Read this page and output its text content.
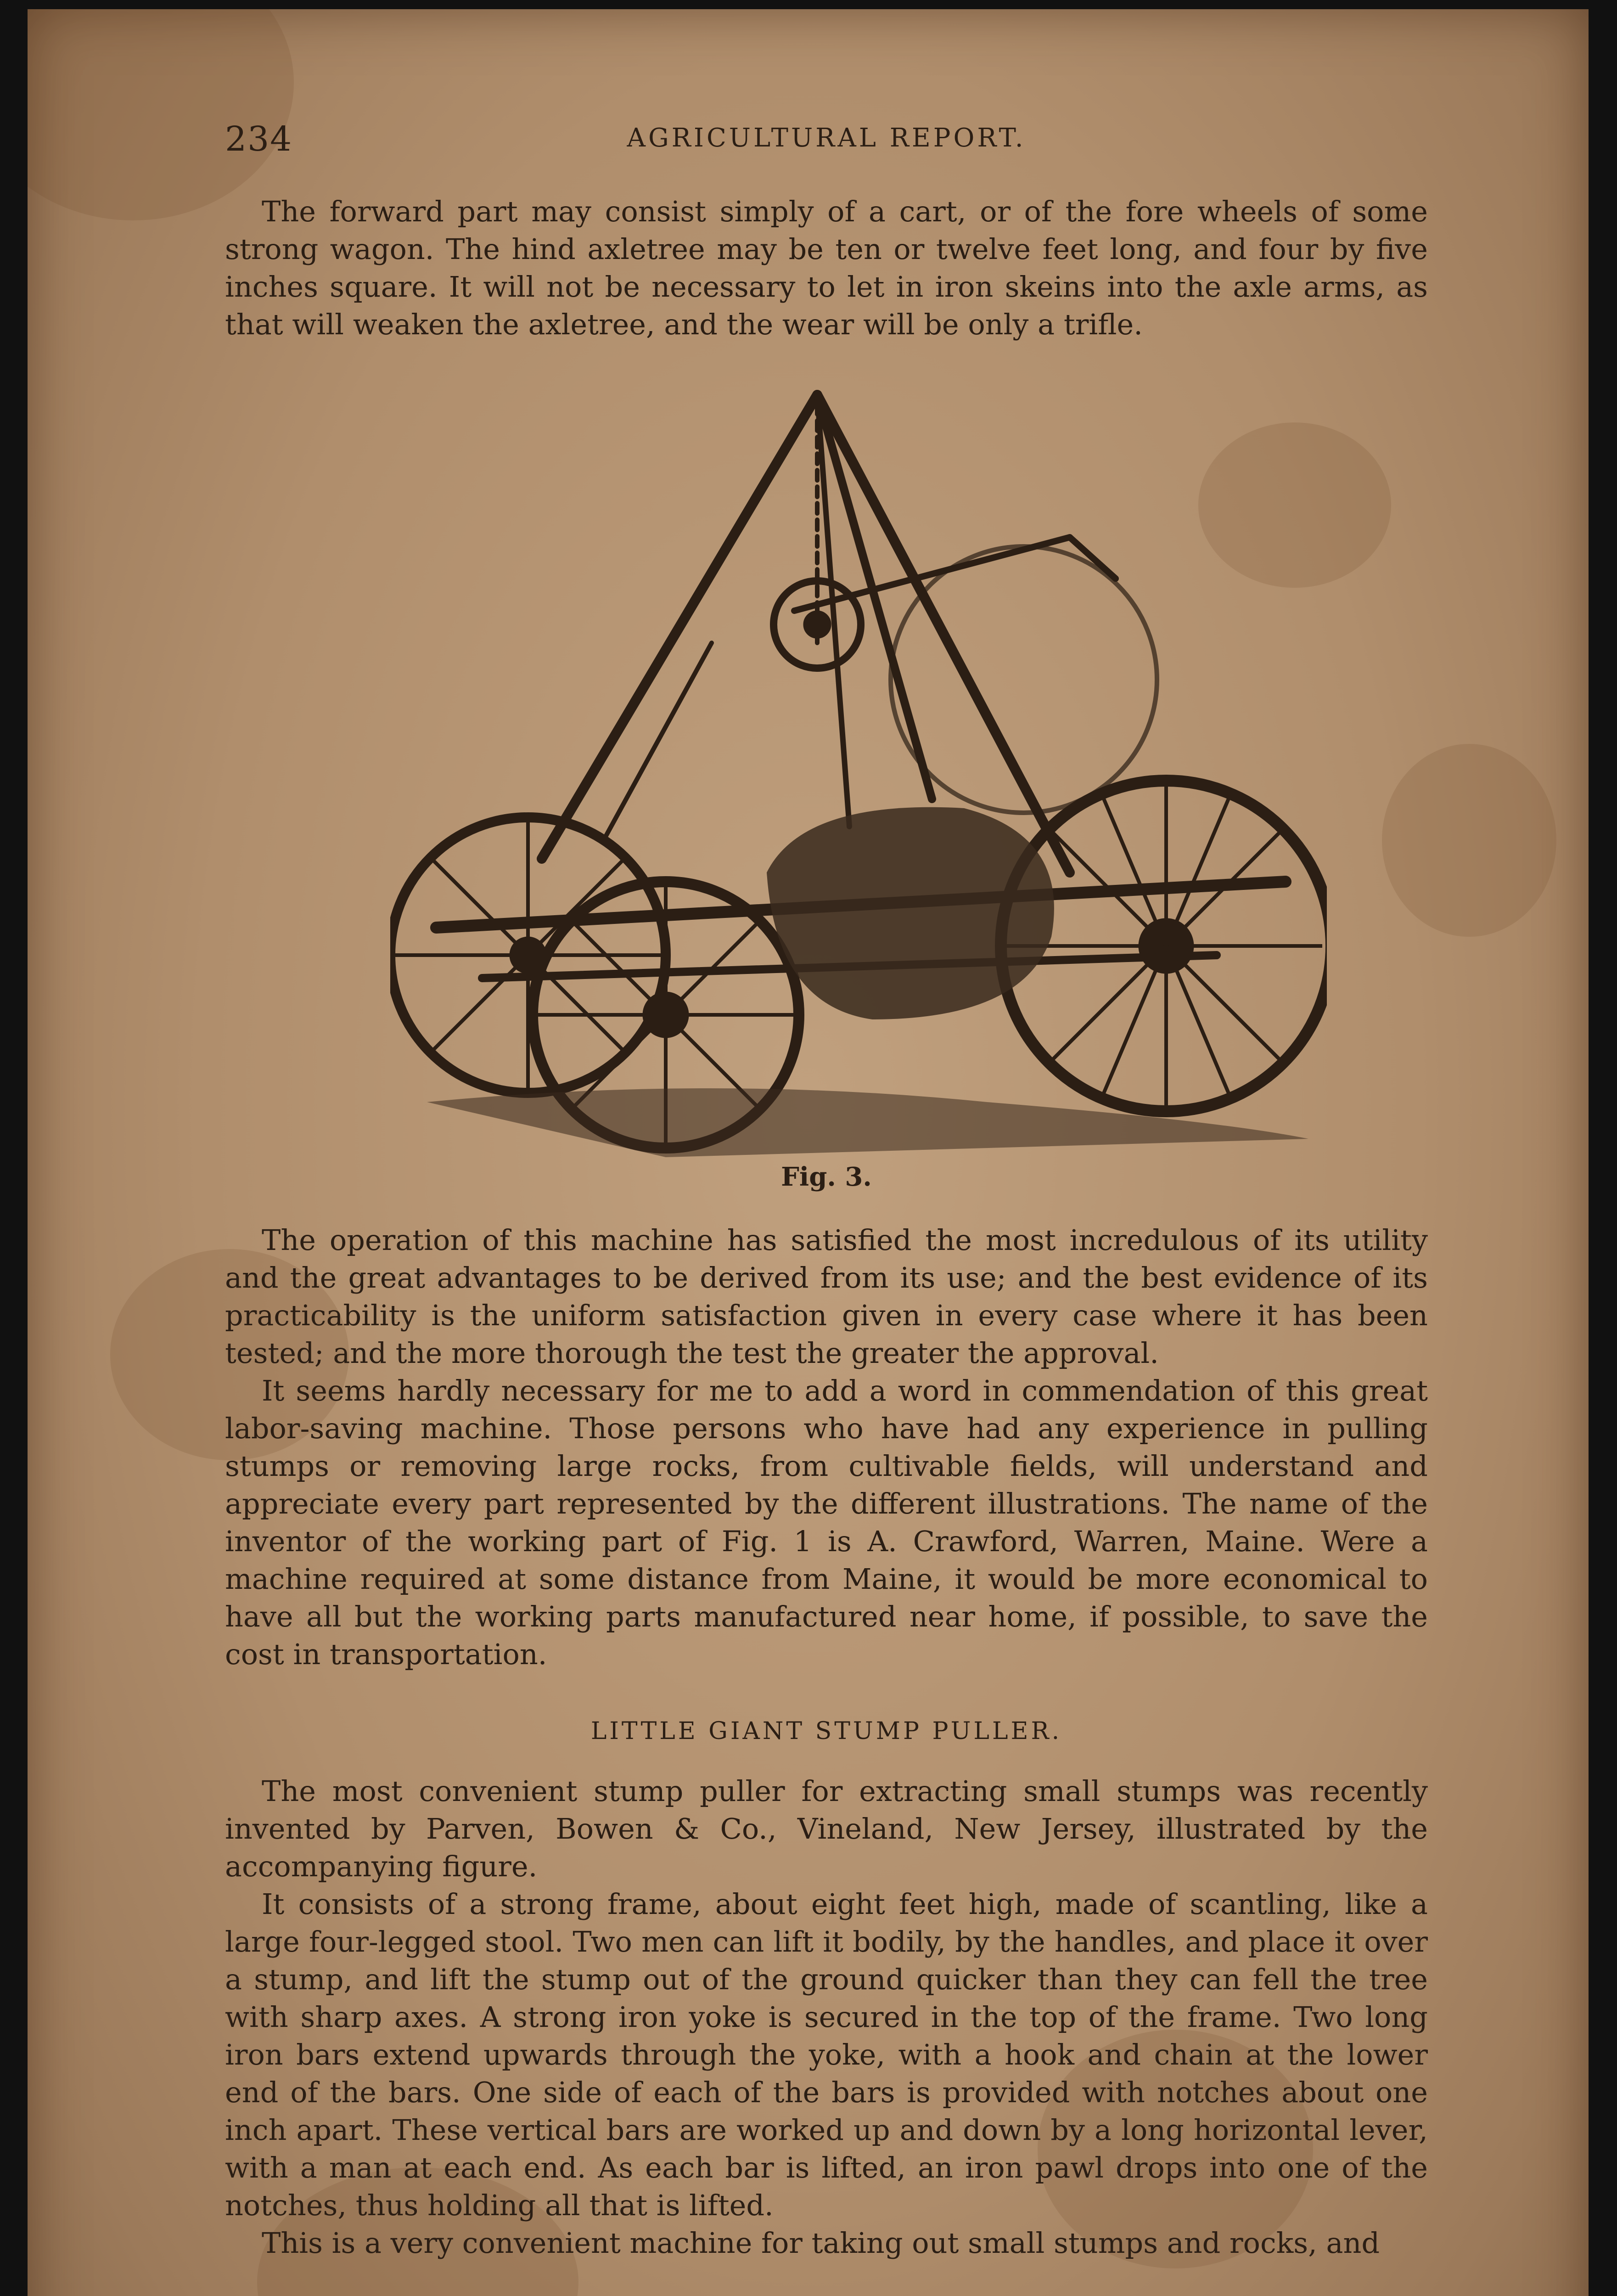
234	AGRICULTURAL REPORT.

The forward part may consist simply of a cart, or of the fore wheels of some strong wagon. The hind axletree may be ten or twelve feet long, and four by five inches square. It will not be necessary to let in iron skeins into the axle arms, as that will weaken the axletree, and the wear will be only a trifle.

Fig. 3.

The operation of this machine has satisfied the most incredulous of its utility and the great advantages to be derived from its use; and the best evidence of its practicability is the uniform satisfaction given in every case where it has been tested; and the more thorough the test the greater the approval.

It seems hardly necessary for me to add a word in commendation of this great labor-saving machine. Those persons who have had any experience in pulling stumps or removing large rocks, from cultivable fields, will understand and appreciate every part represented by the different illustrations. The name of the inventor of the working part of Fig. 1 is A. Crawford, Warren, Maine. Were a machine required at some distance from Maine, it would be more economical to have all but the working parts manufactured near home, if possible, to save the cost in transportation.

LITTLE GIANT STUMP PULLER.

The most convenient stump puller for extracting small stumps was recently invented by Parven, Bowen & Co., Vineland, New Jersey, illustrated by the accompanying figure.

It consists of a strong frame, about eight feet high, made of scantling, like a large four-legged stool. Two men can lift it bodily, by the handles, and place it over a stump, and lift the stump out of the ground quicker than they can fell the tree with sharp axes. A strong iron yoke is secured in the top of the frame. Two long iron bars extend upwards through the yoke, with a hook and chain at the lower end of the bars. One side of each of the bars is provided with notches about one inch apart. These vertical bars are worked up and down by a long horizontal lever, with a man at each end. As each bar is lifted, an iron pawl drops into one of the notches, thus holding all that is lifted.

This is a very convenient machine for taking out small stumps and rocks, and
